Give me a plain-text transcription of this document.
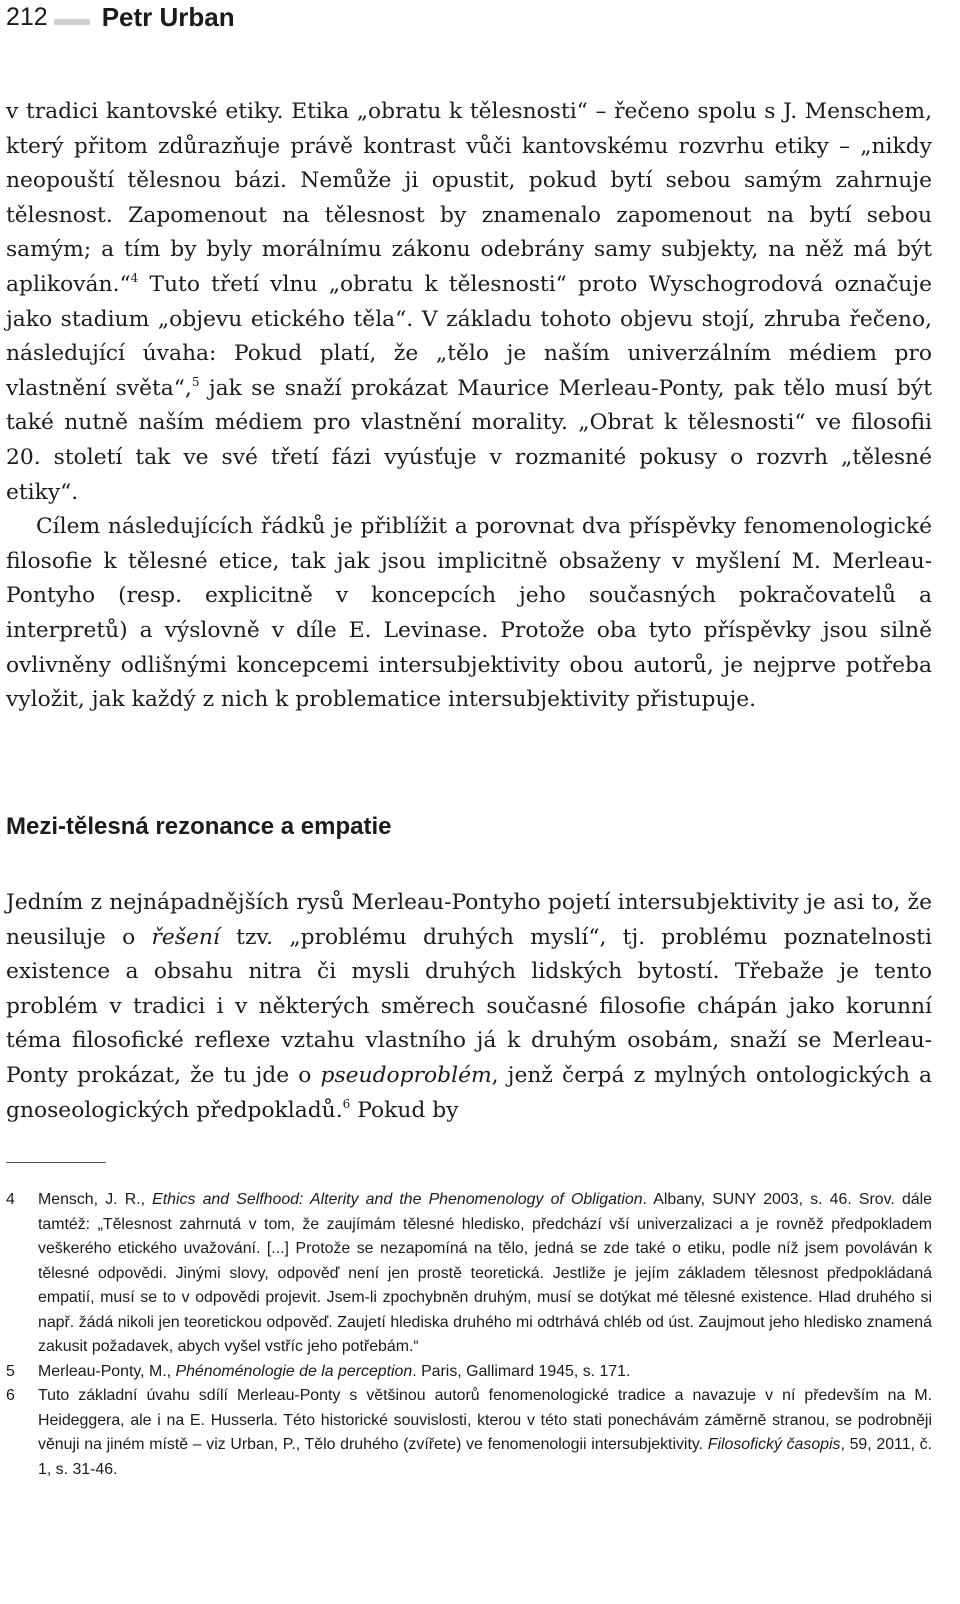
212 Petr Urban

v tradici kantovské etiky. Etika „obratu k tělesnosti“ – řečeno spolu s J. Menschem, který přitom zdůrazňuje právě kontrast vůči kantovskému rozvrhu etiky – „nikdy neopouští tělesnou bázi. Nemůže ji opustit, pokud bytí sebou samým zahrnuje tělesnost. Zapomenout na tělesnost by znamenalo zapomenout na bytí sebou samým; a tím by byly morálnímu zákonu odebrány samy subjekty, na něž má být aplikován.“$^4$ Tuto třetí vlnu „obratu k tělesnosti“ proto Wyschogrodová označuje jako stadium „objevu etického těla“. V základu tohoto objevu stojí, zhruba řečeno, následující úvaha: Pokud platí, že „tělo je naším univerzálním médiem pro vlastnění světa“,$^5$ jak se snaží prokázat Maurice Merleau-Ponty, pak tělo musí být také nutně naším médiem pro vlastnění morality. „Obrat k tělesnosti“ ve filosofii 20. století tak ve své třetí fázi vyúsťuje v rozmanité pokusy o rozvrh „tělesné etiky“.

Cílem následujících řádků je přiblížit a porovnat dva příspěvky fenomenologické filosofie k tělesné etice, tak jak jsou implicitně obsaženy v myšlení M. Merleau-Pontyho (resp. explicitně v koncepcích jeho současných pokračovatelů a interpretů) a výslovně v díle E. Levinase. Protože oba tyto příspěvky jsou silně ovlivněny odlišnými koncepcemi intersubjektivity obou autorů, je nejprve potřeba vyložit, jak každý z nich k problematice intersubjektivity přistupuje.

Mezi-tělesná rezonance a empatie

Jedním z nejnápadnějších rysů Merleau-Pontyho pojetí intersubjektivity je asi to, že neusiluje o řešení tzv. „problému druhých myslí“, tj. problému poznatelnosti existence a obsahu nitra či mysli druhých lidských bytostí. Třebaže je tento problém v tradici i v některých směrech současné filosofie chápán jako korunní téma filosofické reflexe vztahu vlastního já k druhým osobám, snaží se Merleau-Ponty prokázat, že tu jde o pseudoproblém, jenž čerpá z mylných ontologických a gnoseologických předpokladů.$^6$ Pokud by

4	Mensch, J. R., Ethics and Selfhood: Alterity and the Phenomenology of Obligation. Albany, SUNY 2003, s. 46. Srov. dále tamtéž: „Tělesnost zahrnutá v tom, že zaujímám tělesné hledisko, předchází vší univerzalizaci a je rovněž předpokladem veškerého etického uvažování. [...] Protože se nezapomíná na tělo, jedná se zde také o etiku, podle níž jsem povoláván k tělesné odpovědi. Jinými slovy, odpověď není jen prostě teoretická. Jestliže je jejím základem tělesnost předpokládaná empatií, musí se to v odpovědi projevit. Jsem-li zpochybněn druhým, musí se dotýkat mé tělesné existence. Hlad druhého si např. žádá nikoli jen teoretickou odpověď. Zaujetí hlediska druhého mi odtrhává chléb od úst. Zaujmout jeho hledisko znamená zakusit požadavek, abych vyšel vstříc jeho potřebám.“
5	Merleau-Ponty, M., Phénoménologie de la perception. Paris, Gallimard 1945, s. 171.
6	Tuto základní úvahu sdílí Merleau-Ponty s většinou autorů fenomenologické tradice a navazuje v ní především na M. Heideggera, ale i na E. Husserla. Této historické souvislosti, kterou v této stati ponechávám záměrně stranou, se podrobněji věnuji na jiném místě – viz Urban, P., Tělo druhého (zvířete) ve fenomenologii intersubjektivity. Filosofický časopis, 59, 2011, č. 1, s. 31-46.
